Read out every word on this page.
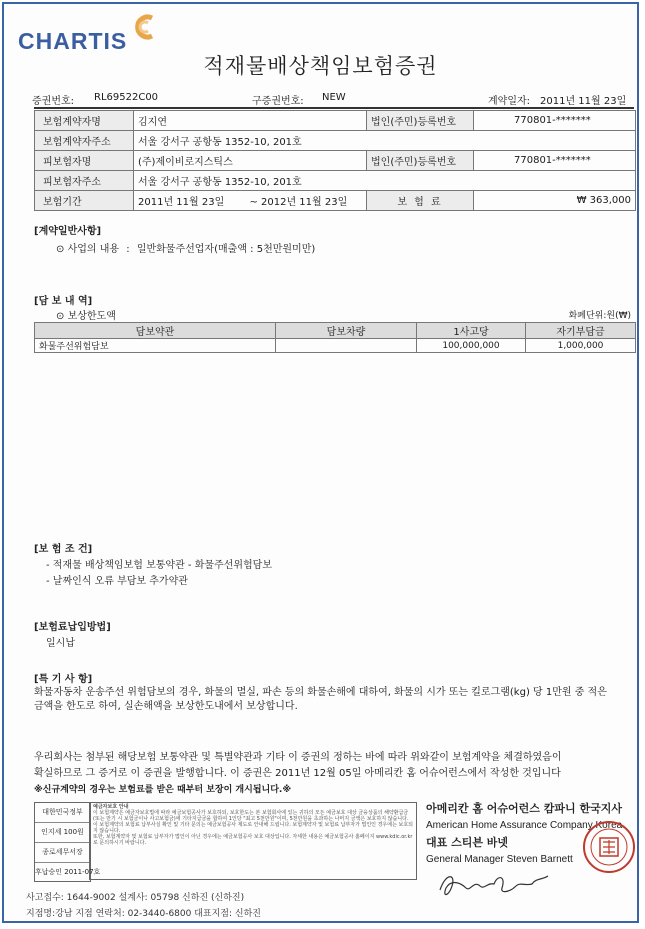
CHARTIS
적재물배상책임보험증권
증권번호: RL69522C00	구증권번호: NEW	계약일자: 2011년 11월 23일
보험계약자명	김지연	법인(주민)등록번호	770801-*******
보험계약자주소	서울 강서구 공항동 1352-10, 201호		
피보험자명	(주)제이비로지스틱스	법인(주민)등록번호	770801-*******
피보험자주소	서울 강서구 공항동 1352-10, 201호		
보험기간	2011년 11월 23일 ~ 2012년 11월 23일	보 험 료	₩ 363,000
[계약일반사항]
⊙ 사업의 내용 : 일반화물주선업자(매출액 : 5천만원미만)
[담 보 내 역]
⊙ 보상한도액	화폐단위:원(₩)
담보약관	담보차량	1사고당	자기부담금
화물주선위험담보		100,000,000	1,000,000
[보 험 조 건]
- 적재물 배상책임보험 보통약관 - 화물주선위험담보
- 날짜인식 오류 부담보 추가약관
[보험료납입방법]
일시납
[특 기 사 항]
화물자동차 운송주선 위험담보의 경우, 화물의 멸실, 파손 등의 화물손해에 대하여, 화물의 시가 또는 킬로그램(kg) 당 1만원 중 적은금액을 한도로 하여, 실손해액을 보상한도내에서 보상합니다.
우리회사는 첨부된 해당보험 보통약관 및 특별약관과 기타 이 증권의 정하는 바에 따라 위와같이 보험계약을 체결하였음이
확실하므로 그 증거로 이 증권을 발행합니다. 이 증권은 2011년 12월 05일 아메리칸 홈 어슈어런스에서 작성한 것입니다
※신규계약의 경우는 보험료를 받은 때부터 보장이 개시됩니다.※
대한민국정부
인지세 100원
종로세무서장
후납승인 2011-07호
예금자보호 안내
이 보험계약은 예금자보호법에 따라 예금보험공사가 보호하되, 보호한도는 본 보험회사에 있는 귀하의 모든 예금보호 대상 금융상품의 해약환급금(또는 만기 시 보험금이나 사고보험금)에 기타지급금을 합하여 1인당 "최고 5천만원"이며, 5천만원을 초과하는 나머지 금액은 보호하지 않습니다.
이 보험계약의 보험료 납부사실 확인 및 기타 문의는 예금보험공사 제도로 안내해 드립니다. 보험계약자 및 보험료 납부자가 법인인 경우에는 보호되지 않습니다.
또한, 보험계약자 및 보험료 납부자가 법인이 아닌 경우에는 예금보험공사 보호 대상입니다. 자세한 내용은 예금보험공사 홈페이지 www.kdic.or.kr 로 문의하시기 바랍니다.
아메리칸 홈 어슈어런스 캄파니 한국지사
American Home Assurance Company Korea
대표 스티븐 바넷
General Manager Steven Barnett
사고접수: 1644-9002 설계사: 05798 신하진 (신하진)
지점명:강남 지점 연락처: 02-3440-6800 대표지점: 신하진
